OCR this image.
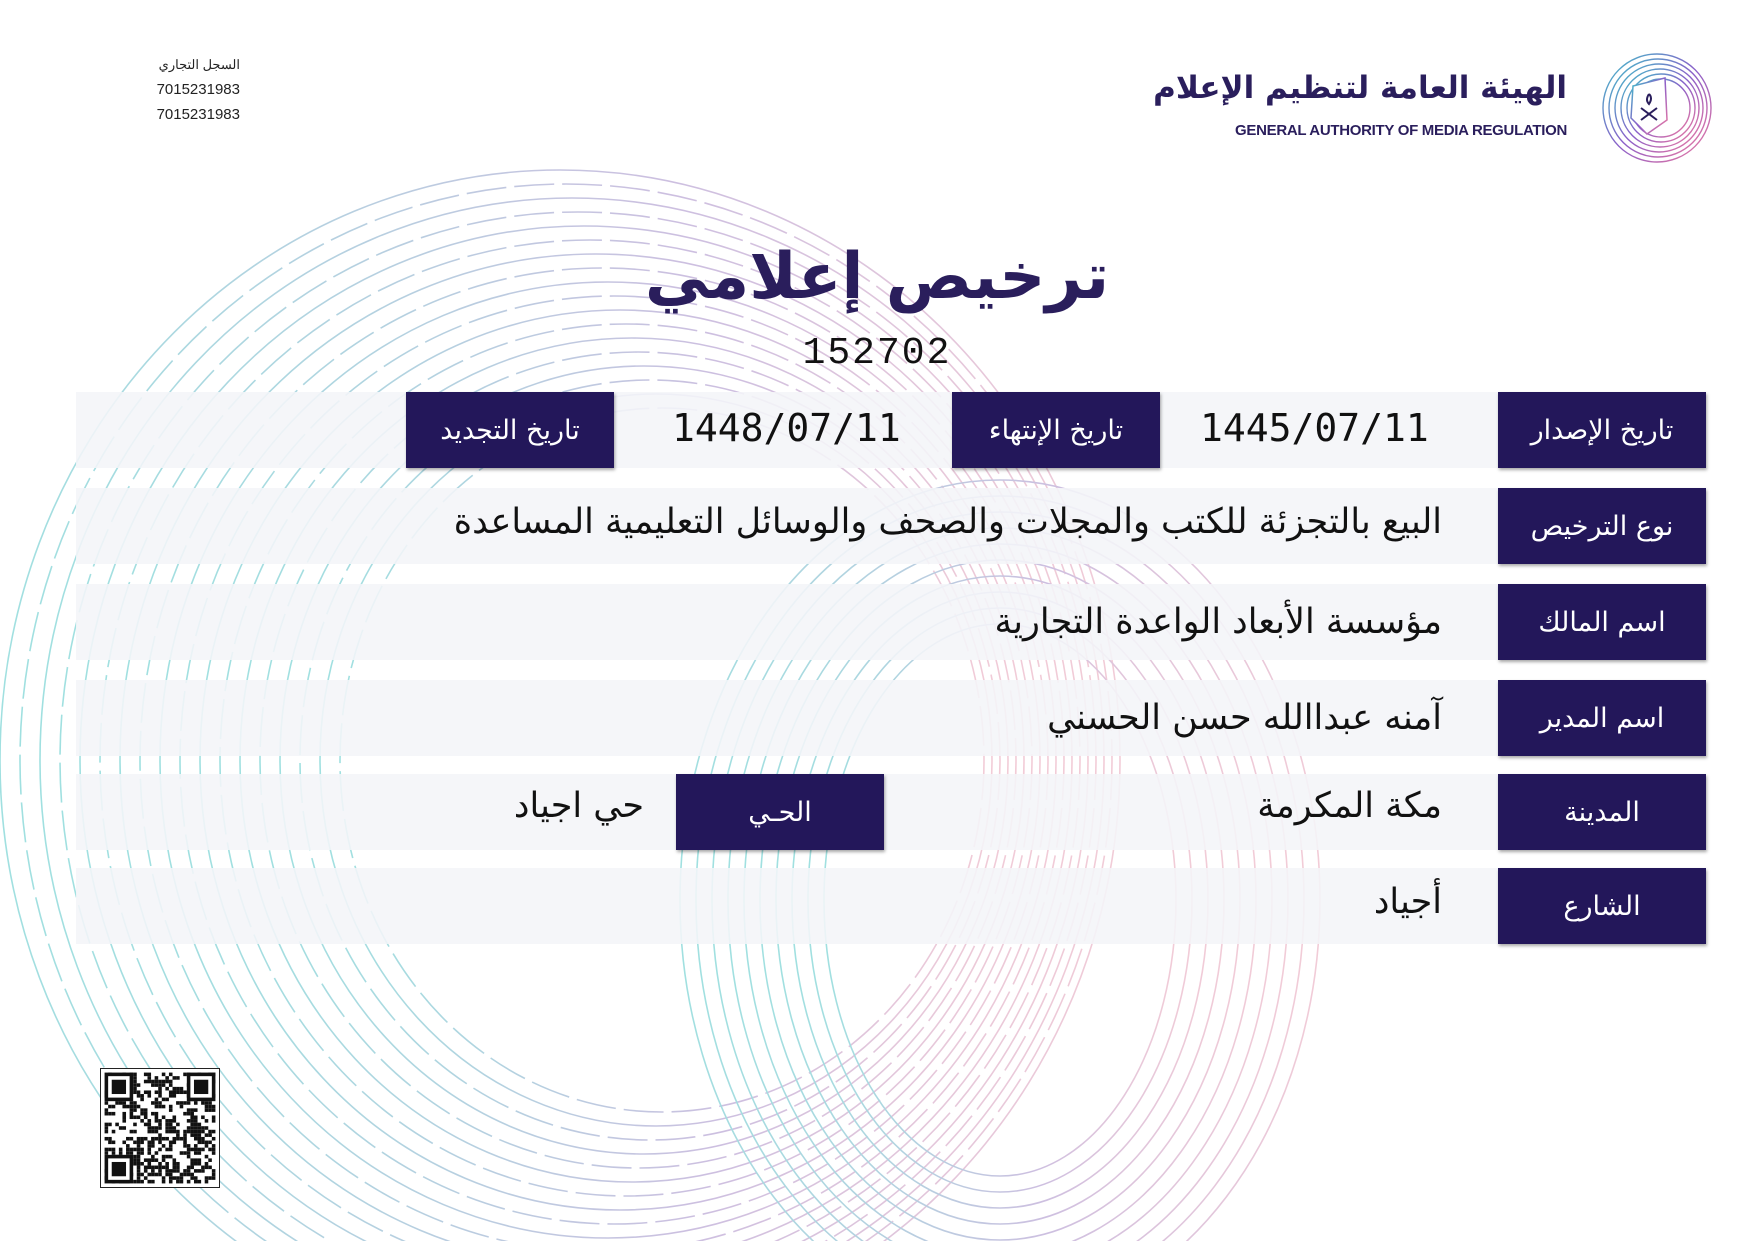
السجل التجاري
7015231983
7015231983
الهيئة العامة لتنظيم الإعلام
GENERAL AUTHORITY OF MEDIA REGULATION
ترخيص إعلامي
152702
تاريخ الإصدار
1445/07/11
تاريخ الإنتهاء
1448/07/11
تاريخ التجديد
نوع الترخيص
البيع بالتجزئة للكتب والمجلات والصحف والوسائل التعليمية المساعدة
اسم المالك
مؤسسة الأبعاد الواعدة التجارية
اسم المدير
آمنه عبداالله حسن الحسني
المدينة
مكة المكرمة
الحـي
حي اجياد
الشارع
أجياد
